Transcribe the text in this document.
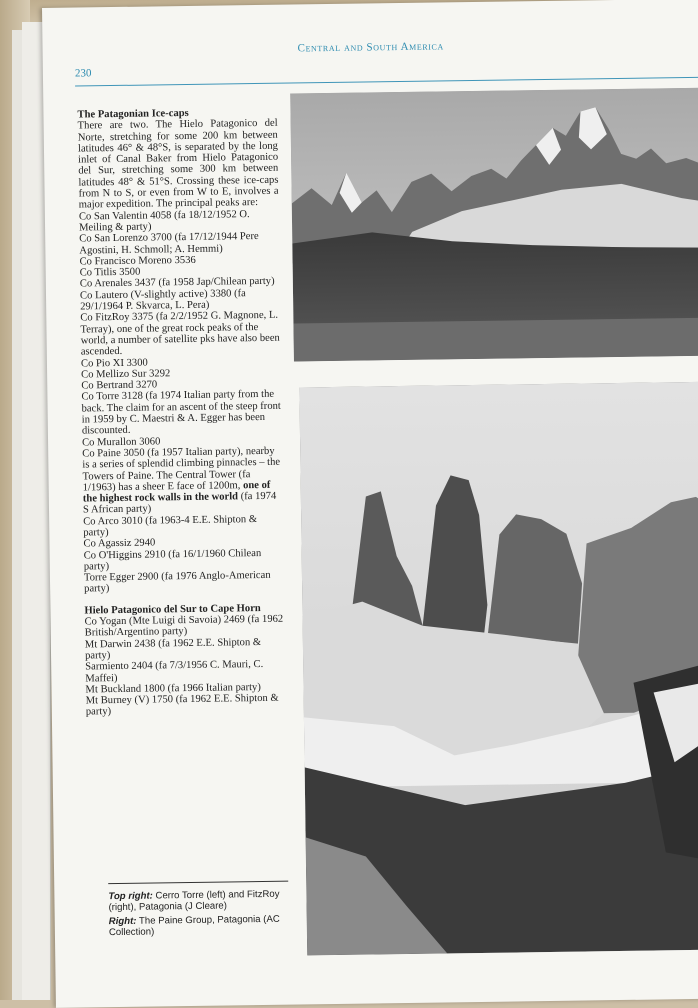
Central and South America
230

The Patagonian Ice-caps

There are two. The Hielo Patagonico del Norte, stretching for some 200 km between latitudes 46° & 48°S, is separated by the long inlet of Canal Baker from Hielo Patagonico del Sur, stretching some 300 km between latitudes 48° & 51°S. Crossing these ice-caps from N to S, or even from W to E, involves a major expedition. The principal peaks are:

Co San Valentin 4058 (fa 18/12/1952 O. Meiling & party)

Co San Lorenzo 3700 (fa 17/12/1944 Pere Agostini, H. Schmoll; A. Hemmi)

Co Francisco Moreno 3536

Co Titlis 3500

Co Arenales 3437 (fa 1958 Jap/Chilean party)

Co Lautero (V-slightly active) 3380 (fa 29/1/1964 P. Skvarca, L. Pera)

Co FitzRoy 3375 (fa 2/2/1952 G. Magnone, L. Terray), one of the great rock peaks of the world, a number of satellite pks have also been ascended.

Co Pio XI 3300

Co Mellizo Sur 3292

Co Bertrand 3270

Co Torre 3128 (fa 1974 Italian party from the back. The claim for an ascent of the steep front in 1959 by C. Maestri & A. Egger has been discounted.

Co Murallon 3060

Co Paine 3050 (fa 1957 Italian party), nearby is a series of splendid climbing pinnacles – the Towers of Paine. The Central Tower (fa 1/1963) has a sheer E face of 1200m, one of the highest rock walls in the world (fa 1974 S African party)

Co Arco 3010 (fa 1963-4 E.E. Shipton & party)

Co Agassiz 2940

Co O'Higgins 2910 (fa 16/1/1960 Chilean party)

Torre Egger 2900 (fa 1976 Anglo-American party)

Hielo Patagonico del Sur to Cape Horn

Co Yogan (Mte Luigi di Savoia) 2469 (fa 1962 British/Argentino party)

Mt Darwin 2438 (fa 1962 E.E. Shipton & party)

Sarmiento 2404 (fa 7/3/1956 C. Mauri, C. Maffei)

Mt Buckland 1800 (fa 1966 Italian party)

Mt Burney (V) 1750 (fa 1962 E.E. Shipton & party)

Top right: Cerro Torre (left) and FitzRoy (right), Patagonia (J Cleare)

Right: The Paine Group, Patagonia (AC Collection)
